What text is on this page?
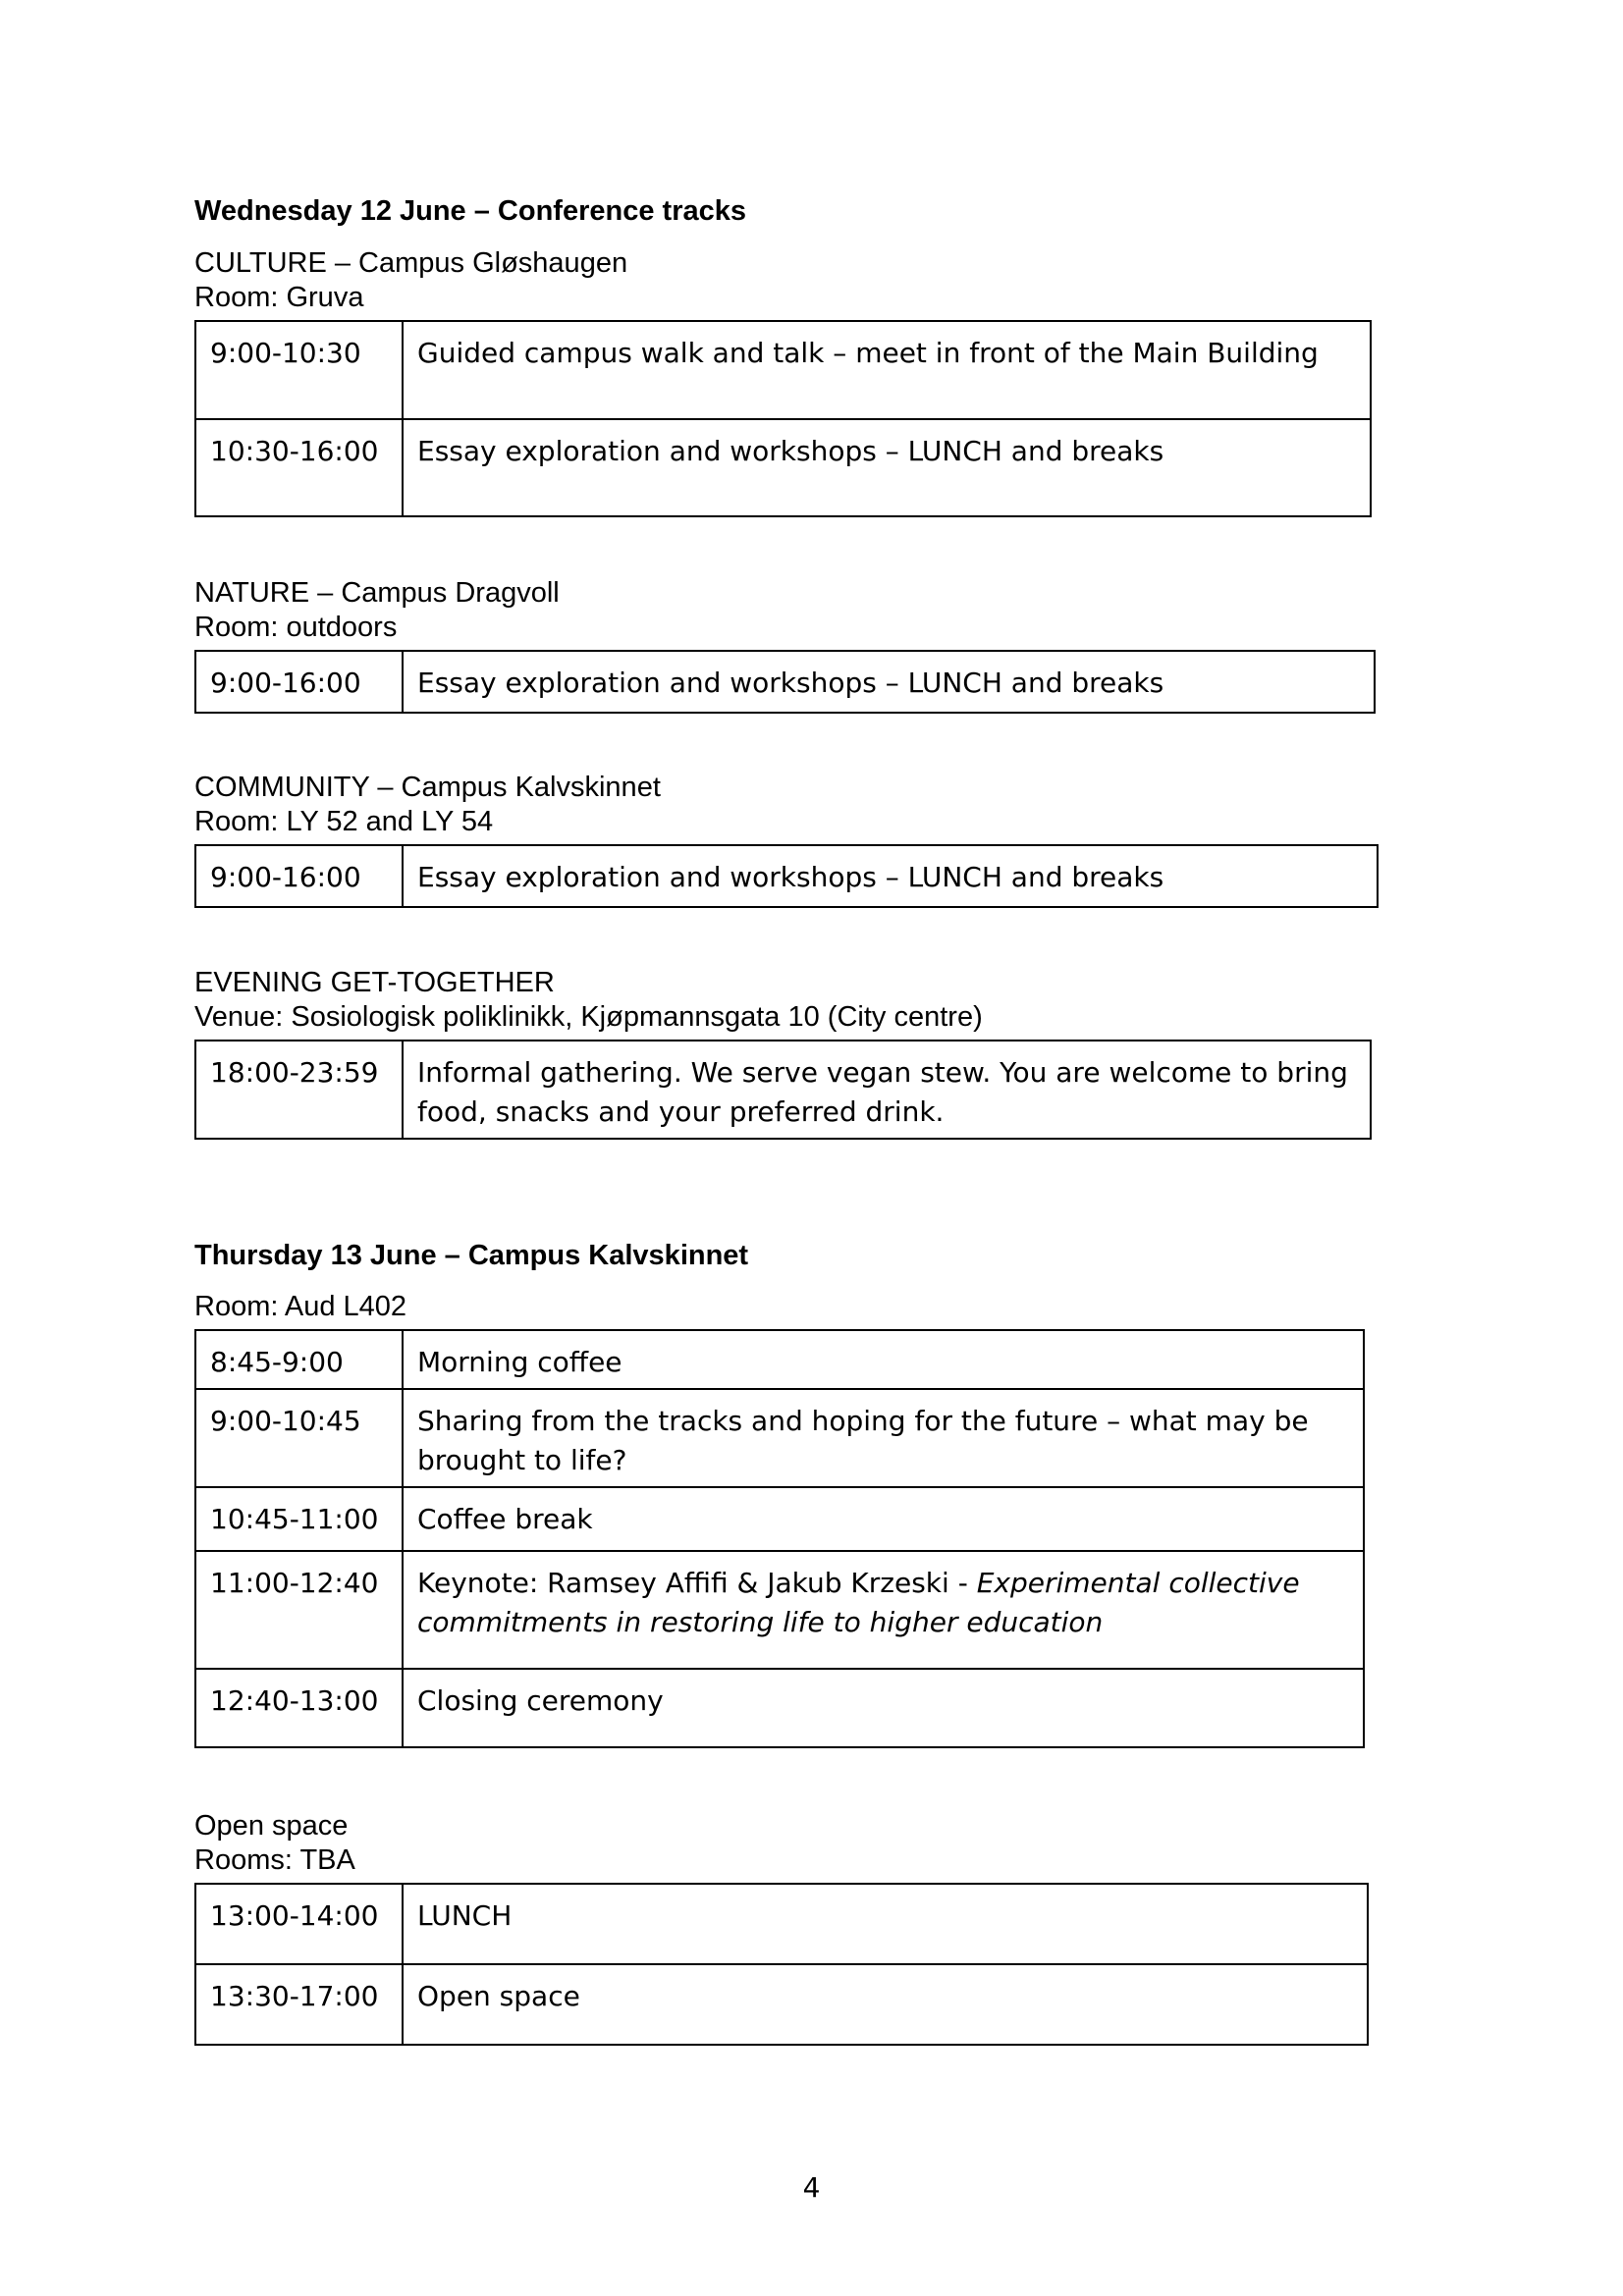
Wednesday 12 June – Conference tracks
CULTURE – Campus Gløshaugen
Room: Gruva
9:00-10:30	Guided campus walk and talk – meet in front of the Main Building
10:30-16:00	Essay exploration and workshops – LUNCH and breaks
NATURE – Campus Dragvoll
Room: outdoors
9:00-16:00	Essay exploration and workshops – LUNCH and breaks
COMMUNITY – Campus Kalvskinnet
Room: LY 52 and LY 54
9:00-16:00	Essay exploration and workshops – LUNCH and breaks
EVENING GET-TOGETHER
Venue: Sosiologisk poliklinikk, Kjøpmannsgata 10 (City centre)
18:00-23:59	Informal gathering. We serve vegan stew. You are welcome to bring food, snacks and your preferred drink.
Thursday 13 June – Campus Kalvskinnet
Room: Aud L402
8:45-9:00	Morning coffee
9:00-10:45	Sharing from the tracks and hoping for the future – what may be brought to life?
10:45-11:00	Coffee break
11:00-12:40	Keynote: Ramsey Affifi & Jakub Krzeski - Experimental collective commitments in restoring life to higher education
12:40-13:00	Closing ceremony
Open space
Rooms: TBA
13:00-14:00	LUNCH
13:30-17:00	Open space
4
